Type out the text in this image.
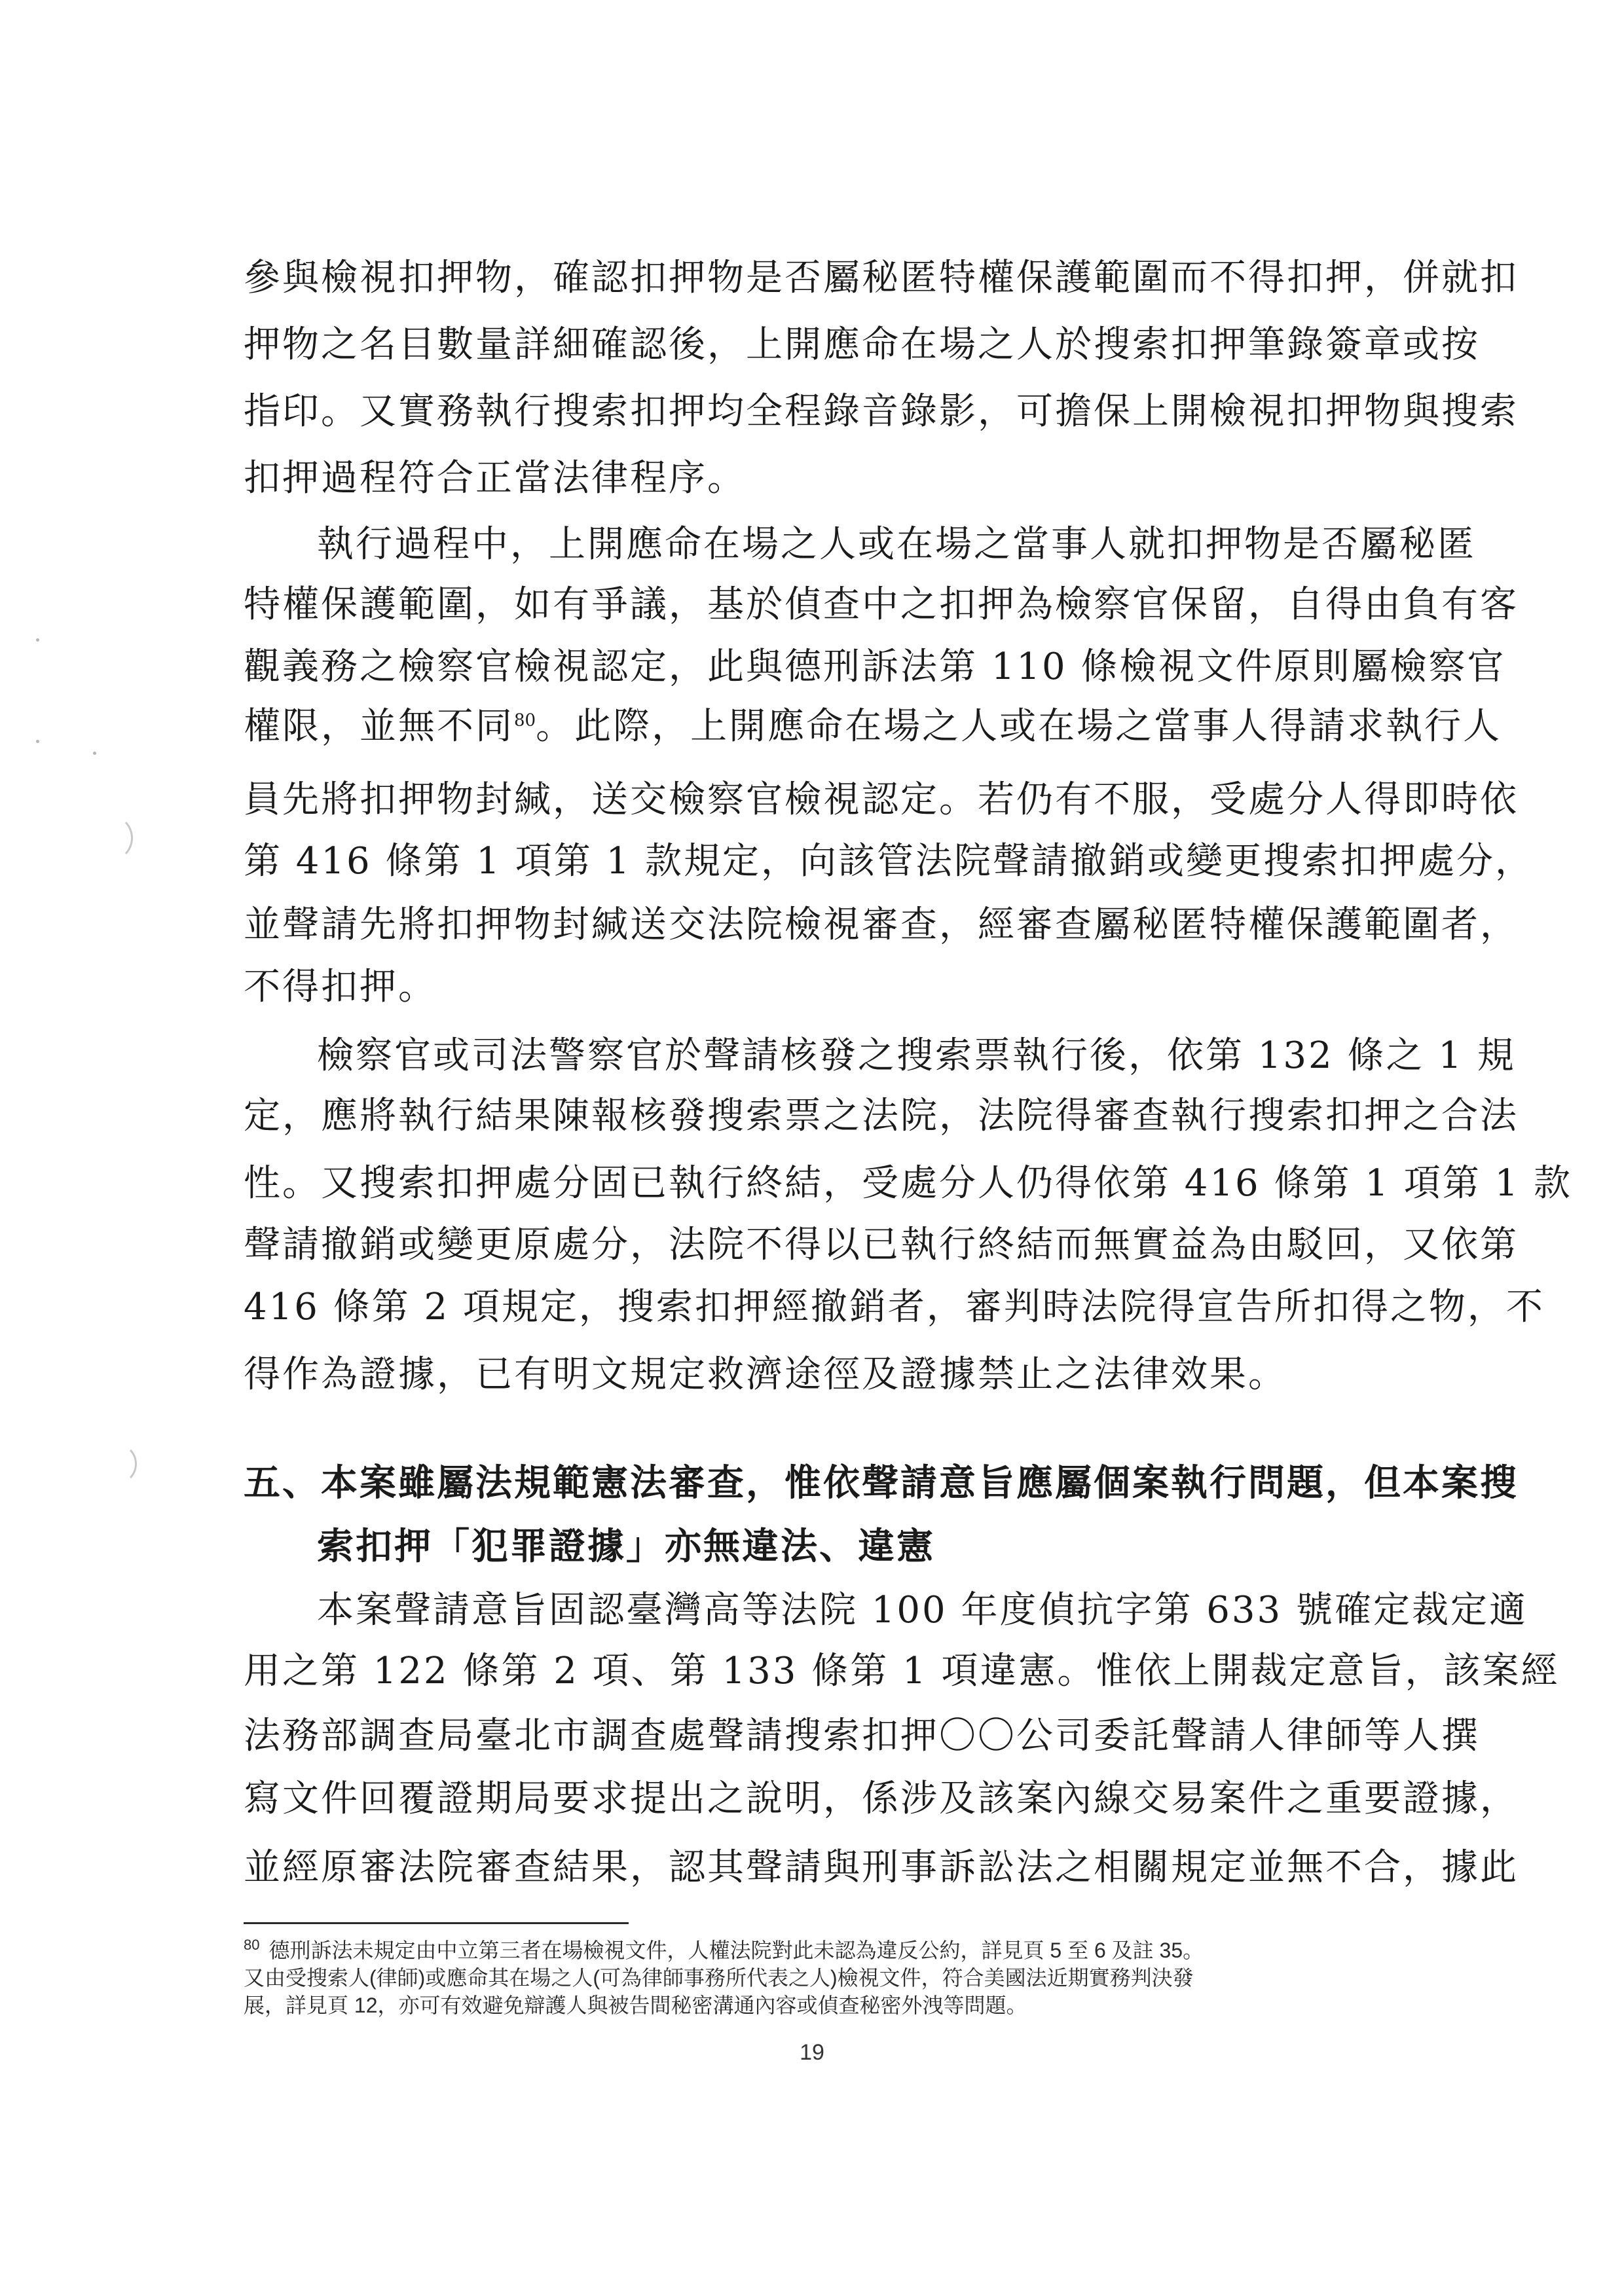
參與檢視扣押物，確認扣押物是否屬秘匿特權保護範圍而不得扣押，併就扣
押物之名目數量詳細確認後，上開應命在場之人於搜索扣押筆錄簽章或按
指印。又實務執行搜索扣押均全程錄音錄影，可擔保上開檢視扣押物與搜索
扣押過程符合正當法律程序。
執行過程中，上開應命在場之人或在場之當事人就扣押物是否屬秘匿
特權保護範圍，如有爭議，基於偵查中之扣押為檢察官保留，自得由負有客
觀義務之檢察官檢視認定，此與德刑訴法第 110 條檢視文件原則屬檢察官
權限，並無不同$^{80}$。此際，上開應命在場之人或在場之當事人得請求執行人
員先將扣押物封緘，送交檢察官檢視認定。若仍有不服，受處分人得即時依
第 416 條第 1 項第 1 款規定，向該管法院聲請撤銷或變更搜索扣押處分，
並聲請先將扣押物封緘送交法院檢視審查，經審查屬秘匿特權保護範圍者，
不得扣押。
檢察官或司法警察官於聲請核發之搜索票執行後，依第 132 條之 1 規
定，應將執行結果陳報核發搜索票之法院，法院得審查執行搜索扣押之合法
性。又搜索扣押處分固已執行終結，受處分人仍得依第 416 條第 1 項第 1 款
聲請撤銷或變更原處分，法院不得以已執行終結而無實益為由駁回，又依第
416 條第 2 項規定，搜索扣押經撤銷者，審判時法院得宣告所扣得之物，不
得作為證據，已有明文規定救濟途徑及證據禁止之法律效果。
五、本案雖屬法規範憲法審查，惟依聲請意旨應屬個案執行問題，但本案搜
索扣押「犯罪證據」亦無違法、違憲
本案聲請意旨固認臺灣高等法院 100 年度偵抗字第 633 號確定裁定適
用之第 122 條第 2 項、第 133 條第 1 項違憲。惟依上開裁定意旨，該案經
法務部調查局臺北市調查處聲請搜索扣押〇〇公司委託聲請人律師等人撰
寫文件回覆證期局要求提出之說明，係涉及該案內線交易案件之重要證據，
並經原審法院審查結果，認其聲請與刑事訴訟法之相關規定並無不合，據此
$^{80}$ 德刑訴法未規定由中立第三者在場檢視文件，人權法院對此未認為違反公約，詳見頁 5 至 6 及註 35。
又由受搜索人(律師)或應命其在場之人(可為律師事務所代表之人)檢視文件，符合美國法近期實務判決發
展，詳見頁 12，亦可有效避免辯護人與被告間秘密溝通內容或偵查秘密外洩等問題。
19
